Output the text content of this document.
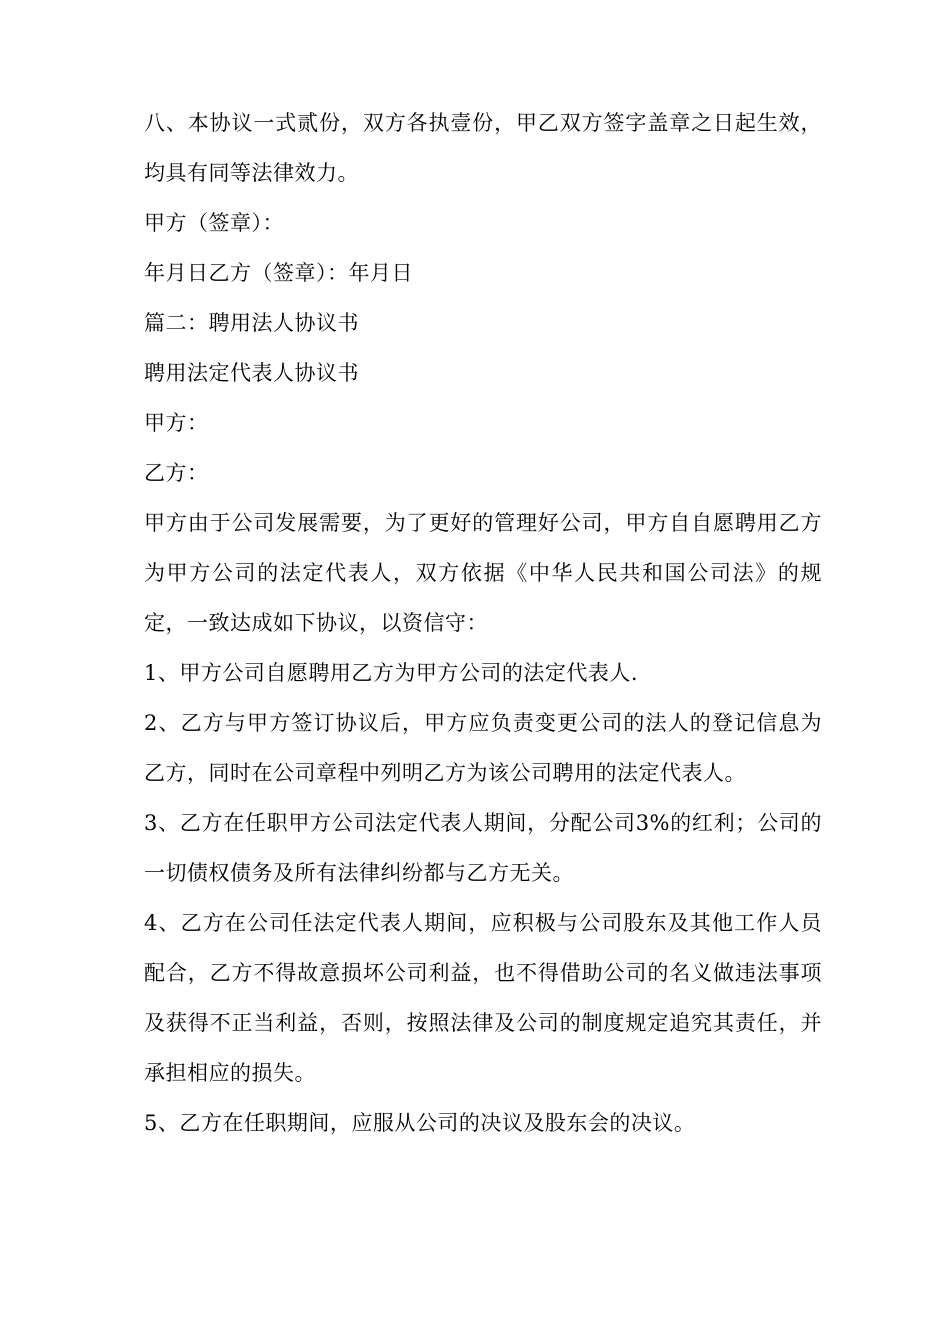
八、本协议一式贰份，双方各执壹份，甲乙双方签字盖章之日起生效， 均具有同等法律效力。

甲方（签章）：

年月日乙方（签章）：年月日

篇二：聘用法人协议书

聘用法定代表人协议书

甲方：

乙方：

甲方由于公司发展需要，为了更好的管理好公司，甲方自自愿聘用乙方为甲方公司的法定代表人，双方依据《中华人民共和国公司法》的规定，一致达成如下协议，以资信守：

1、甲方公司自愿聘用乙方为甲方公司的法定代表人.

2、乙方与甲方签订协议后，甲方应负责变更公司的法人的登记信息为乙方，同时在公司章程中列明乙方为该公司聘用的法定代表人。

3、乙方在任职甲方公司法定代表人期间，分配公司3%的红利；公司的一切债权债务及所有法律纠纷都与乙方无关。

4、乙方在公司任法定代表人期间，应积极与公司股东及其他工作人员配合，乙方不得故意损坏公司利益，也不得借助公司的名义做违法事项及获得不正当利益，否则，按照法律及公司的制度规定追究其责任，并承担相应的损失。

5、乙方在任职期间，应服从公司的决议及股东会的决议。
